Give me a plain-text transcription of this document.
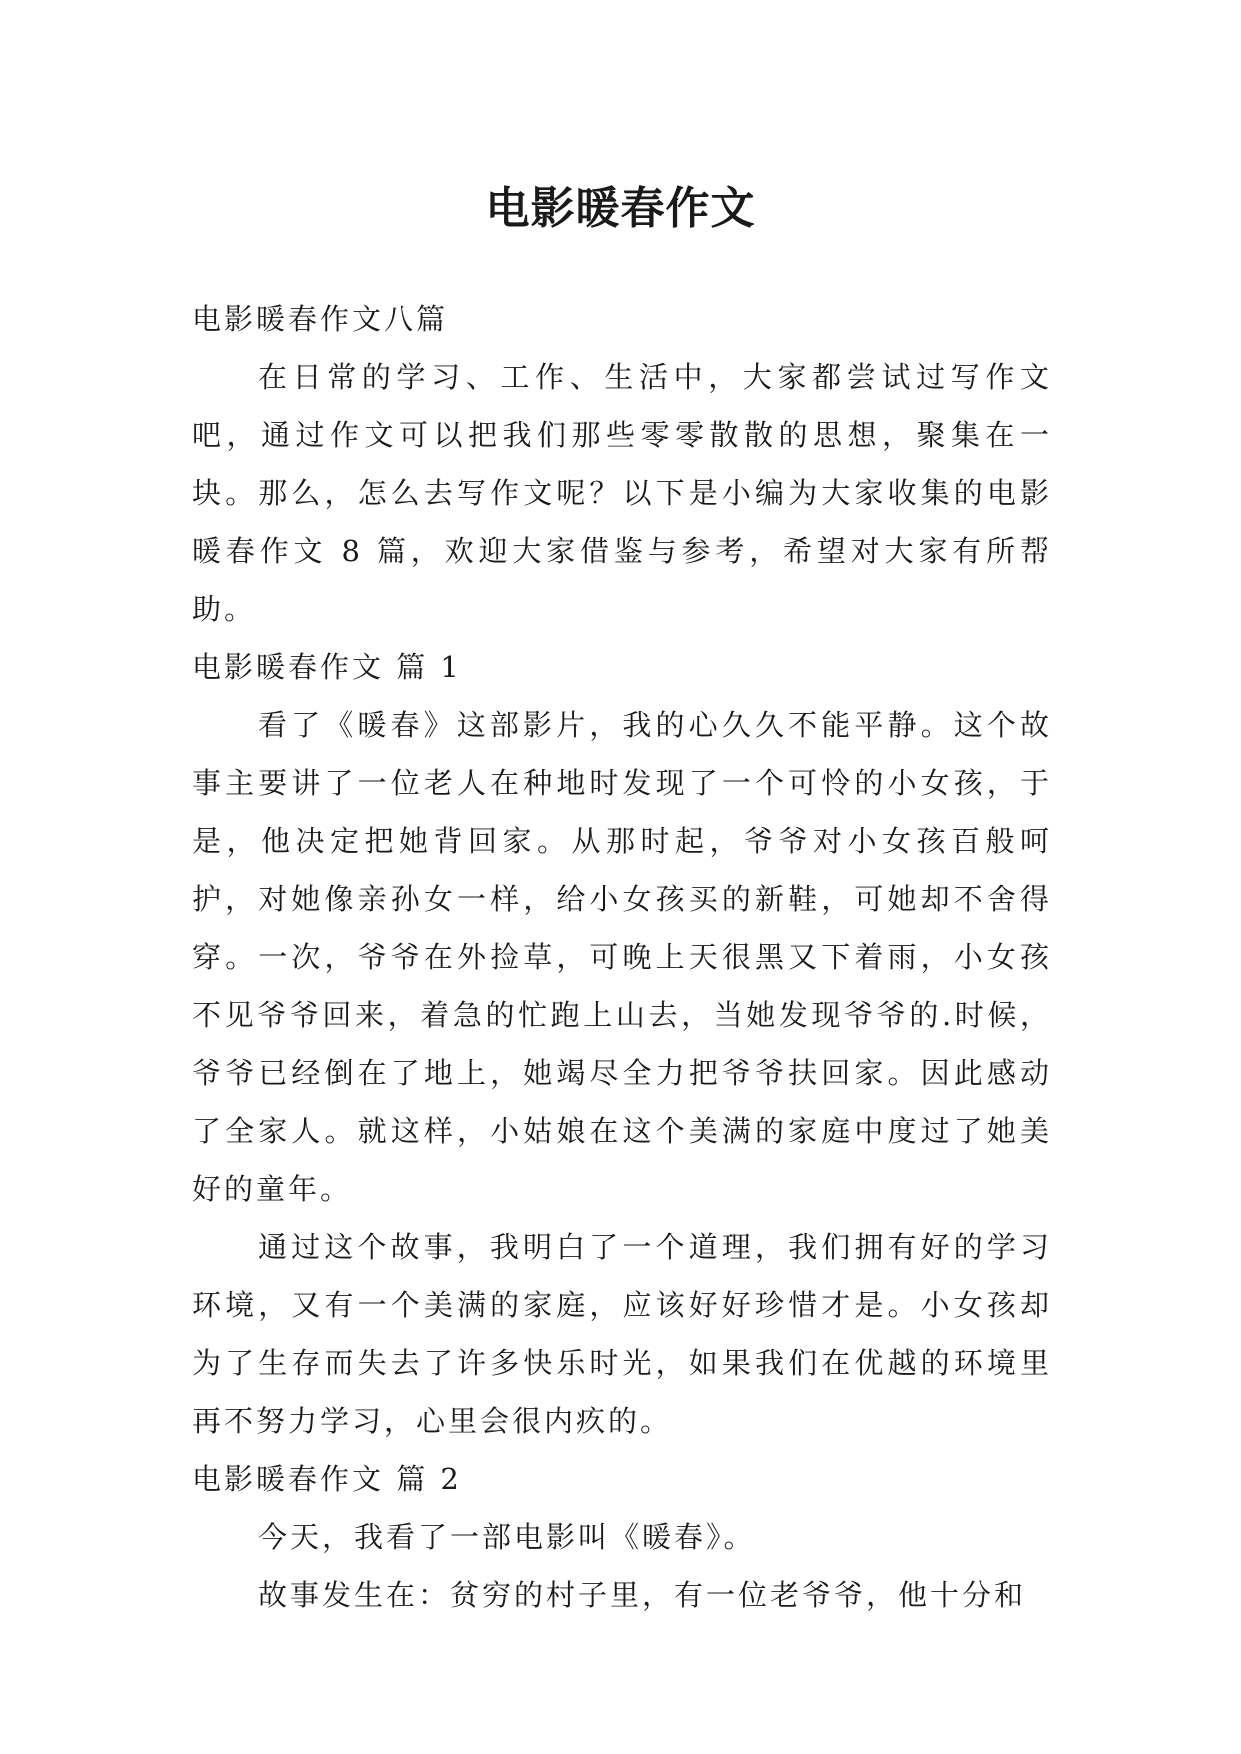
电影暖春作文

电影暖春作文八篇

在日常的学习、工作、生活中，大家都尝试过写作文吧，通过作文可以把我们那些零零散散的思想，聚集在一块。那么，怎么去写作文呢？以下是小编为大家收集的电影暖春作文 8 篇，欢迎大家借鉴与参考，希望对大家有所帮助。

电影暖春作文 篇 1

看了《暖春》这部影片，我的心久久不能平静。这个故事主要讲了一位老人在种地时发现了一个可怜的小女孩，于是，他决定把她背回家。从那时起，爷爷对小女孩百般呵护，对她像亲孙女一样，给小女孩买的新鞋，可她却不舍得穿。一次，爷爷在外捡草，可晚上天很黑又下着雨，小女孩不见爷爷回来，着急的忙跑上山去，当她发现爷爷的.时候，爷爷已经倒在了地上，她竭尽全力把爷爷扶回家。因此感动了全家人。就这样，小姑娘在这个美满的家庭中度过了她美好的童年。

通过这个故事，我明白了一个道理，我们拥有好的学习环境，又有一个美满的家庭，应该好好珍惜才是。小女孩却为了生存而失去了许多快乐时光，如果我们在优越的环境里再不努力学习，心里会很内疚的。

电影暖春作文 篇 2

今天，我看了一部电影叫《暖春》。

故事发生在：贫穷的村子里，有一位老爷爷，他十分和
